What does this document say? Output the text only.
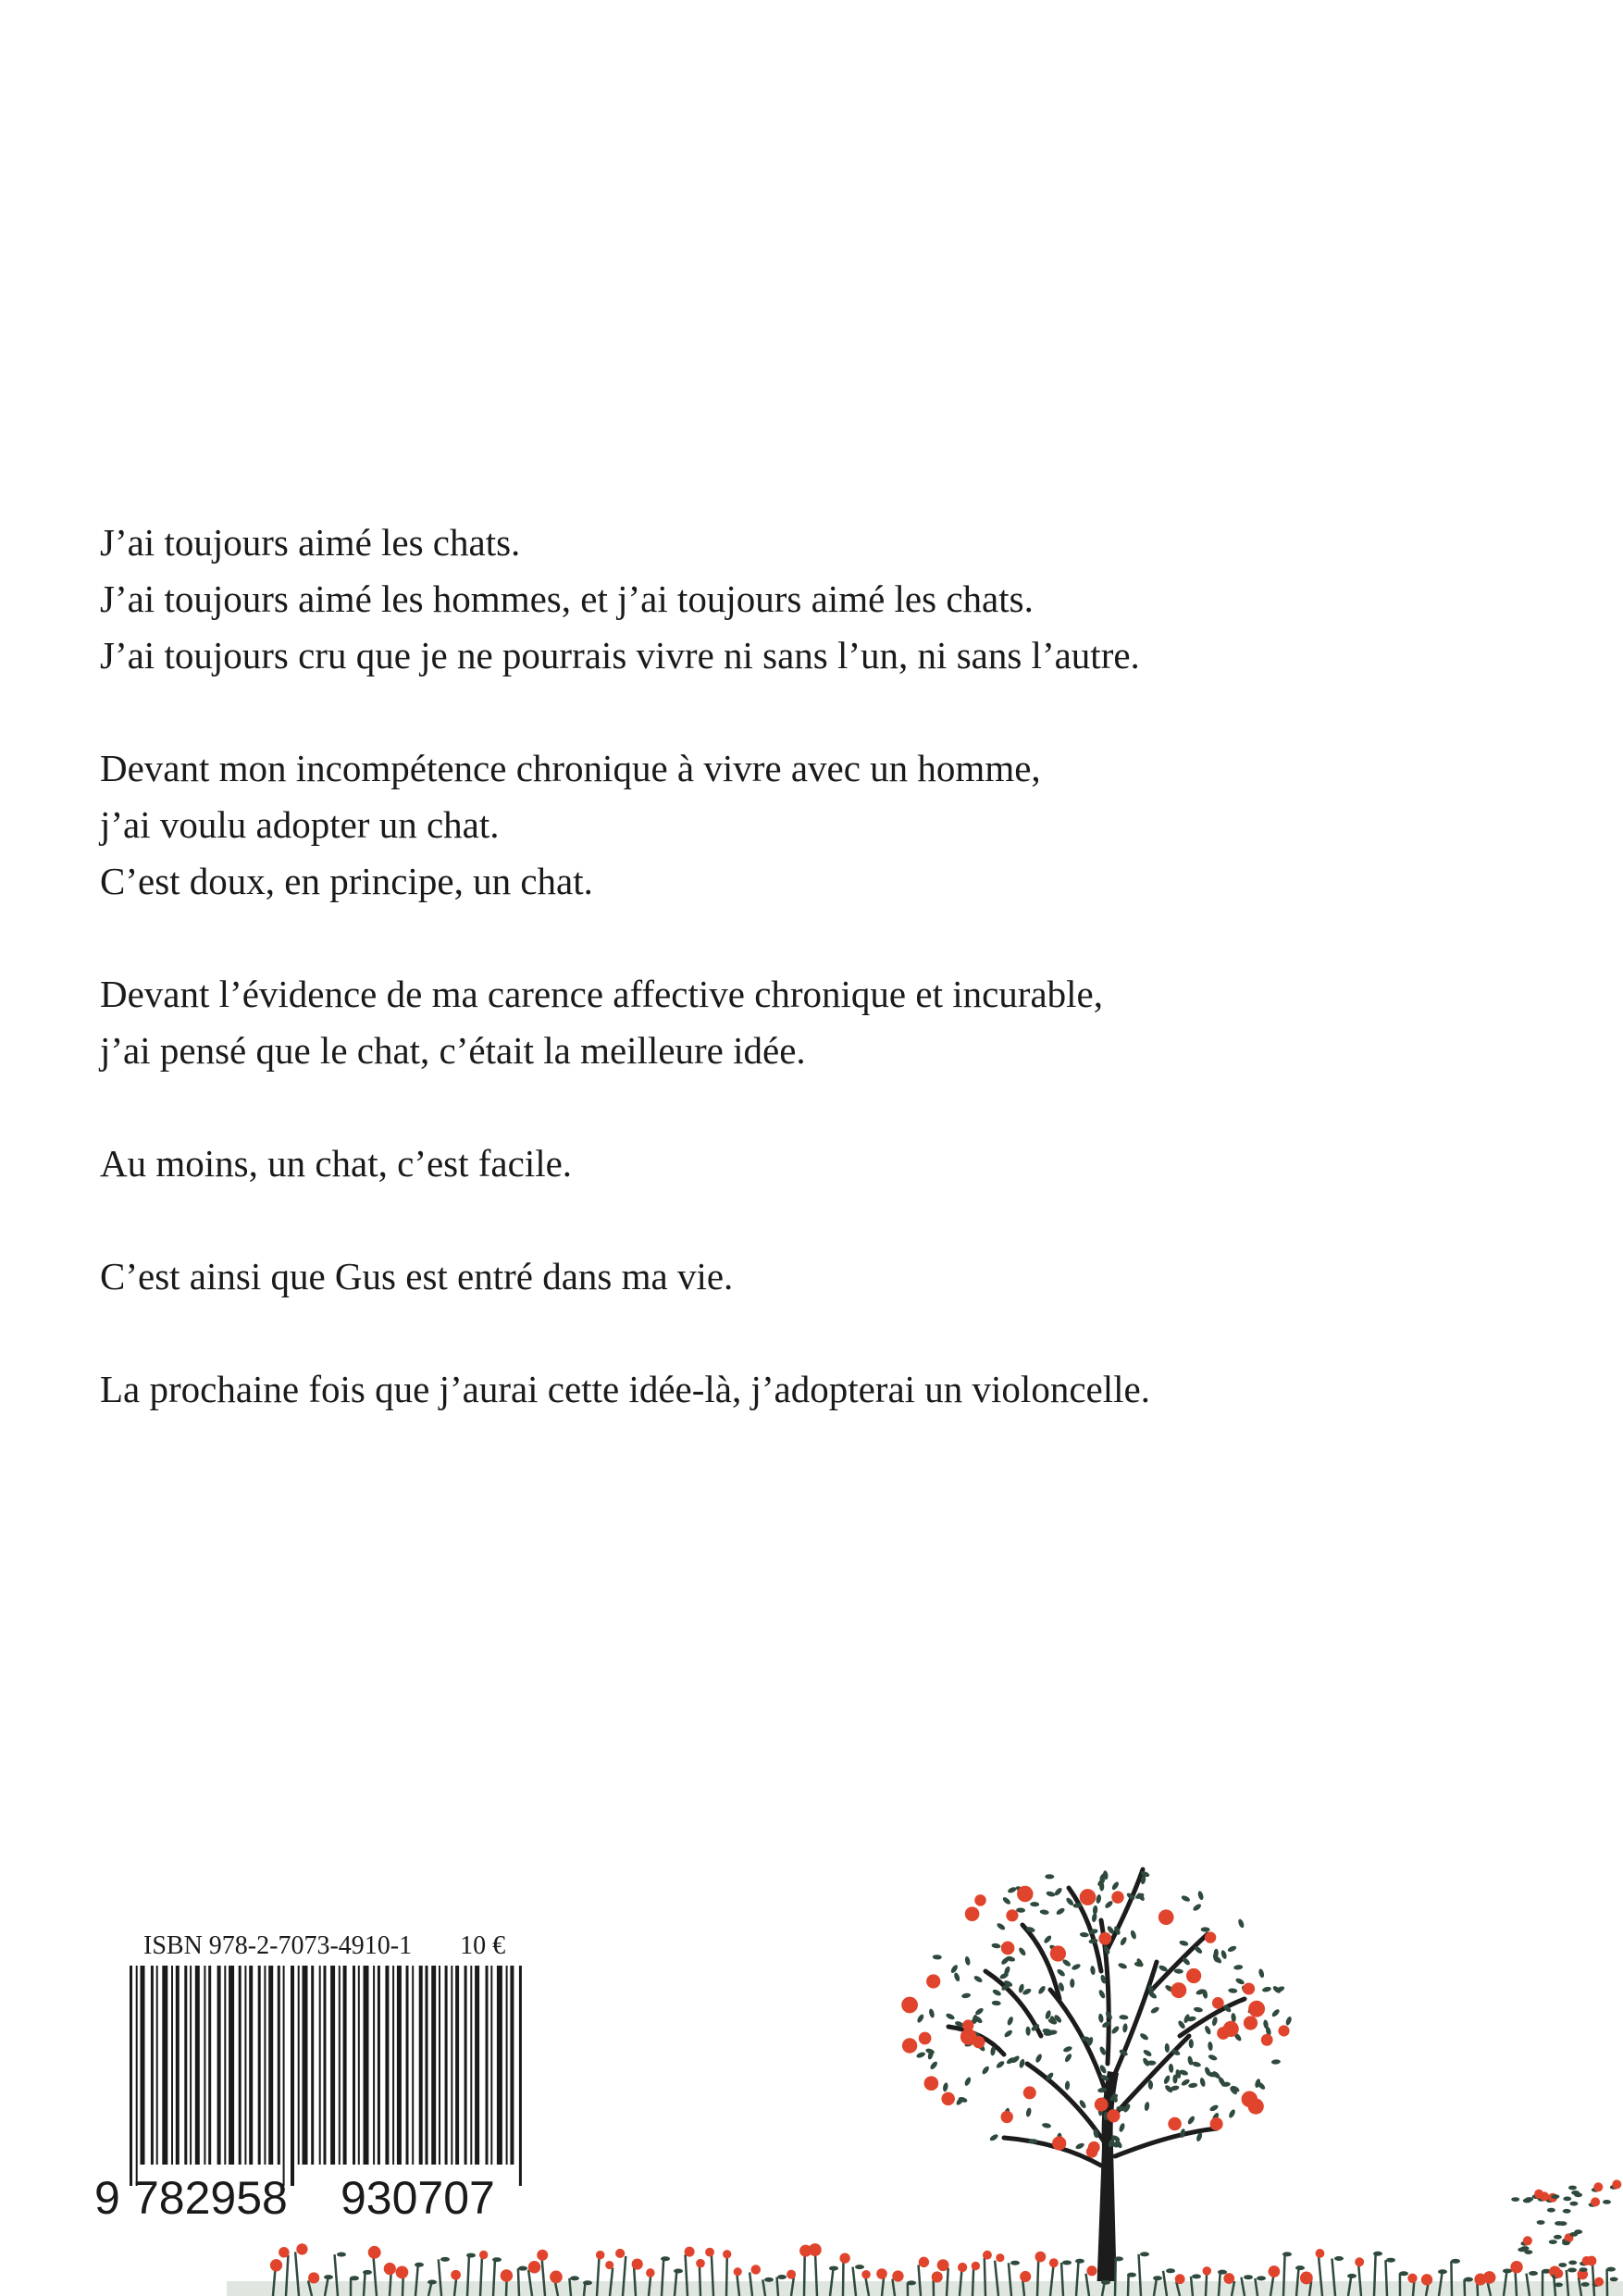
J’ai toujours aimé les chats.
J’ai toujours aimé les hommes, et j’ai toujours aimé les chats.
J’ai toujours cru que je ne pourrais vivre ni sans l’un, ni sans l’autre.

Devant mon incompétence chronique à vivre avec un homme,
j’ai voulu adopter un chat.
C’est doux, en principe, un chat.

Devant l’évidence de ma carence affective chronique et incurable,
j’ai pensé que le chat, c’était la meilleure idée.

Au moins, un chat, c’est facile.

C’est ainsi que Gus est entré dans ma vie.

La prochaine fois que j’aurai cette idée-là, j’adopterai un violoncelle.

ISBN 978-2-7073-4910-1 10 €
9 782958 930707
